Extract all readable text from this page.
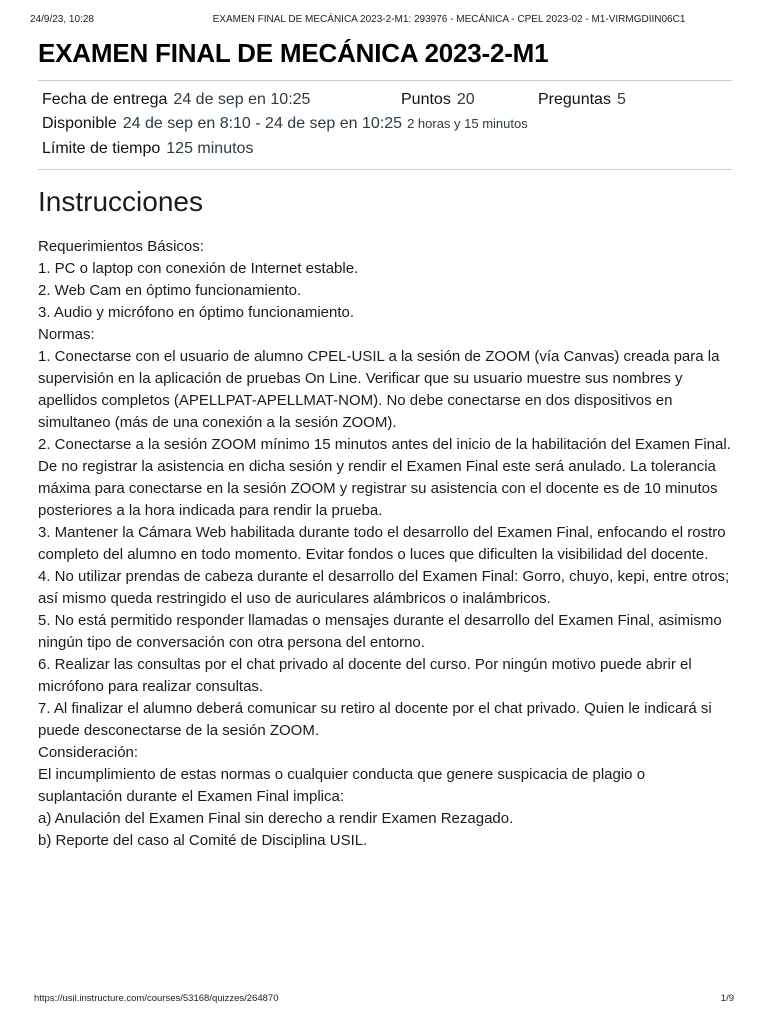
24/9/23, 10:28	EXAMEN FINAL DE MECÁNICA 2023-2-M1: 293976 - MECÁNICA - CPEL 2023-02 - M1-VIRMGDIIN06C1
EXAMEN FINAL DE MECÁNICA 2023-2-M1
Fecha de entrega 24 de sep en 10:25	Puntos 20	Preguntas 5
Disponible 24 de sep en 8:10 - 24 de sep en 10:25 2 horas y 15 minutos
Límite de tiempo 125 minutos
Instrucciones

Requerimientos Básicos:

1. PC o laptop con conexión de Internet estable.

2. Web Cam en óptimo funcionamiento.

3. Audio y micrófono en óptimo funcionamiento.

Normas:

1. Conectarse con el usuario de alumno CPEL-USIL a la sesión de ZOOM (vía Canvas) creada para la supervisión en la aplicación de pruebas On Line. Verificar que su usuario muestre sus nombres y

apellidos completos (APELLPAT-APELLMAT-NOM). No debe conectarse en dos dispositivos en simultaneo (más de una conexión a la sesión ZOOM).

2. Conectarse a la sesión ZOOM mínimo 15 minutos antes del inicio de la habilitación del Examen Final. De no registrar la asistencia en dicha sesión y rendir el Examen Final este será anulado. La tolerancia máxima para conectarse en la sesión ZOOM y registrar su asistencia con el docente es de 10 minutos posteriores a la hora indicada para rendir la prueba.

3. Mantener la Cámara Web habilitada durante todo el desarrollo del Examen Final, enfocando el rostro completo del alumno en todo momento. Evitar fondos o luces que dificulten la visibilidad del docente.

4. No utilizar prendas de cabeza durante el desarrollo del Examen Final: Gorro, chuyo, kepi, entre otros; así mismo queda restringido el uso de auriculares alámbricos o inalámbricos.

5. No está permitido responder llamadas o mensajes durante el desarrollo del Examen Final, asimismo ningún tipo de conversación con otra persona del entorno.

6. Realizar las consultas por el chat privado al docente del curso. Por ningún motivo puede abrir el micrófono para realizar consultas.

7. Al finalizar el alumno deberá comunicar su retiro al docente por el chat privado. Quien le indicará si puede desconectarse de la sesión ZOOM.

Consideración:

El incumplimiento de estas normas o cualquier conducta que genere suspicacia de plagio o suplantación durante el Examen Final implica:

a) Anulación del Examen Final sin derecho a rendir Examen Rezagado.

b) Reporte del caso al Comité de Disciplina USIL.

https://usil.instructure.com/courses/53168/quizzes/264870	1/9
